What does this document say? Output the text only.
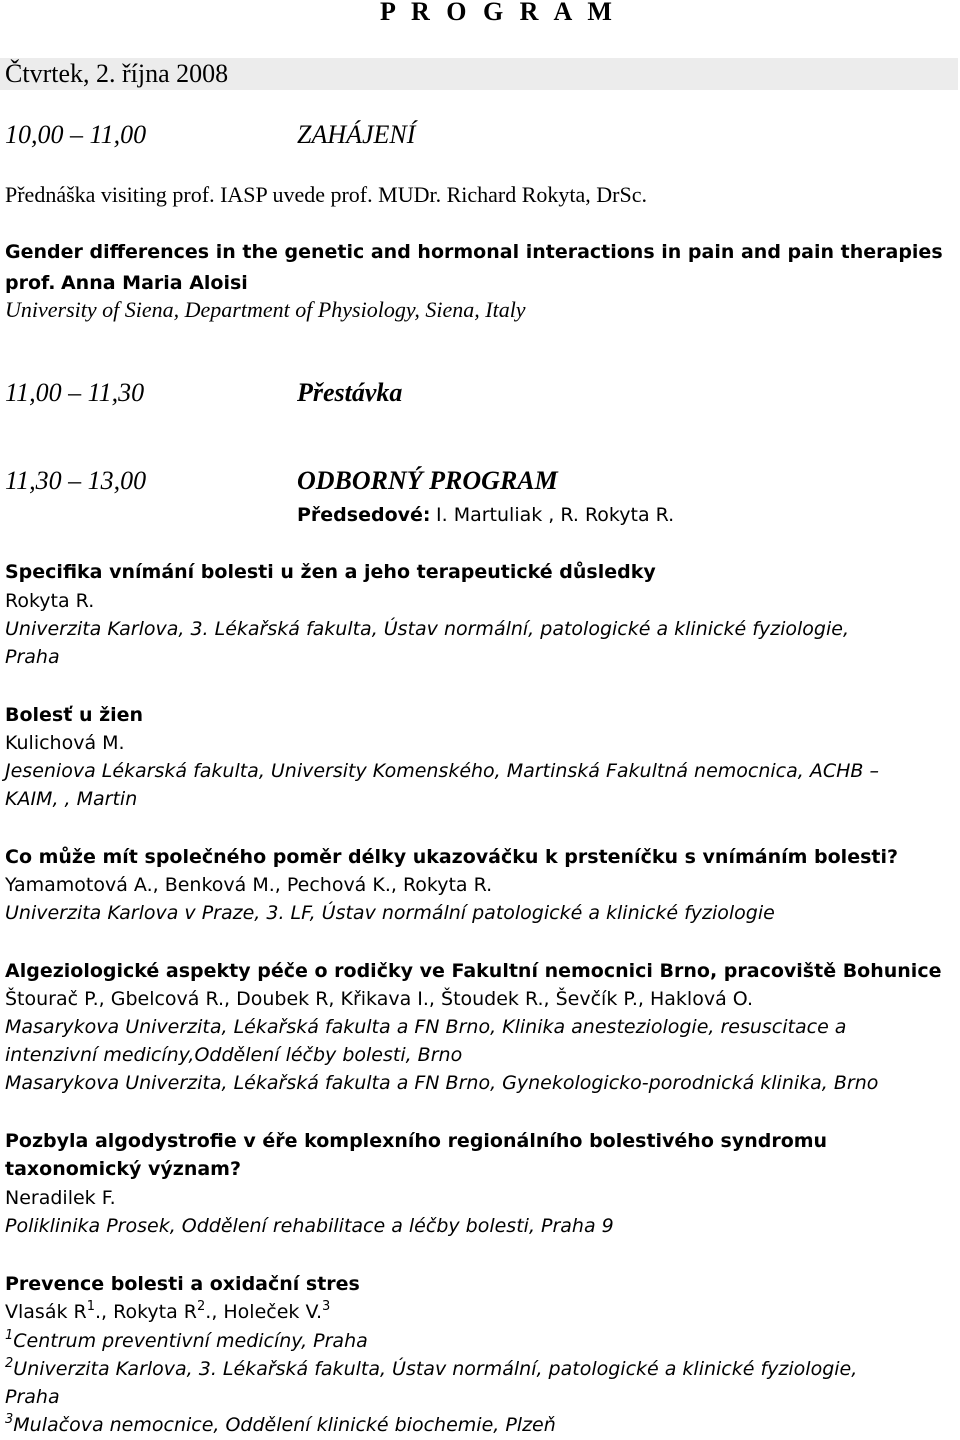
P R O G R A M
Čtvrtek, 2. října 2008
10,00 – 11,00	ZAHÁJENÍ
Přednáška visiting prof. IASP uvede prof. MUDr. Richard Rokyta, DrSc.
Gender differences in the genetic and hormonal interactions in pain and pain therapies
prof. Anna Maria Aloisi
University of Siena, Department of Physiology, Siena, Italy
11,00 – 11,30	Přestávka
11,30 – 13,00	ODBORNÝ PROGRAM
Předsedové: I. Martuliak , R. Rokyta R.
Specifika vnímání bolesti u žen a jeho terapeutické důsledky
Rokyta R.
Univerzita Karlova, 3. Lékařská fakulta, Ústav normální, patologické a klinické fyziologie,
Praha
Bolesť u žien
Kulichová M.
Jeseniova Lékarská fakulta, University Komenského, Martinská Fakultná nemocnica, ACHB –
KAIM, , Martin
Co může mít společného poměr délky ukazováčku k prsteníčku s vnímáním bolesti?
Yamamotová A., Benková M., Pechová K., Rokyta R.
Univerzita Karlova v Praze, 3. LF, Ústav normální patologické a klinické fyziologie
Algeziologické aspekty péče o rodičky ve Fakultní nemocnici Brno, pracoviště Bohunice
Štourač P., Gbelcová R., Doubek R, Křikava I., Štoudek R., Ševčík P., Haklová O.
Masarykova Univerzita, Lékařská fakulta a FN Brno, Klinika anesteziologie, resuscitace a
intenzivní medicíny,Oddělení léčby bolesti, Brno
Masarykova Univerzita, Lékařská fakulta a FN Brno, Gynekologicko-porodnická klinika, Brno
Pozbyla algodystrofie v éře komplexního regionálního bolestivého syndromu
taxonomický význam?
Neradilek F.
Poliklinika Prosek, Oddělení rehabilitace a léčby bolesti, Praha 9
Prevence bolesti a oxidační stres
Vlasák $R^1$., Rokyta $R^2$., Holeček V.$^3$
$^1$Centrum preventivní medicíny, Praha
$^2$Univerzita Karlova, 3. Lékařská fakulta, Ústav normální, patologické a klinické fyziologie,
Praha
$^3$Mulačova nemocnice, Oddělení klinické biochemie, Plzeň
